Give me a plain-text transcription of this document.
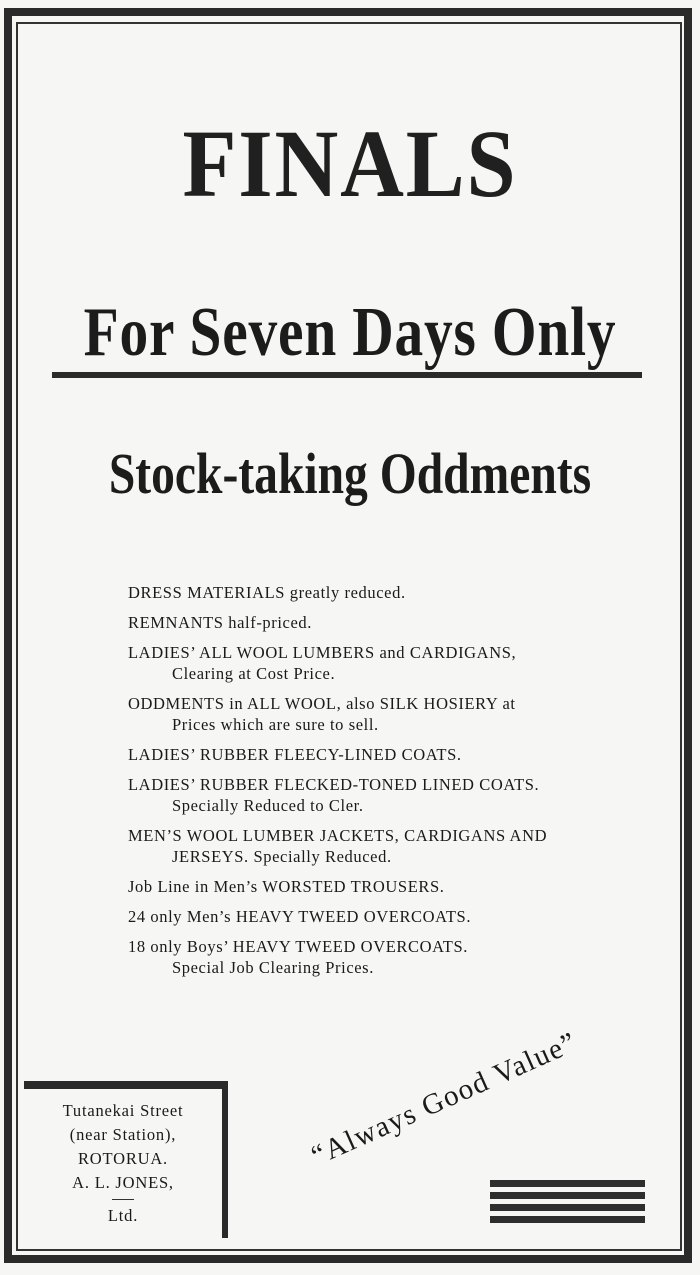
FINALS
For Seven Days Only
Stock-taking Oddments
DRESS MATERIALS greatly reduced.
REMNANTS half-priced.
LADIES’ ALL WOOL LUMBERS and CARDIGANS,
Clearing at Cost Price.
ODDMENTS in ALL WOOL, also SILK HOSIERY at
Prices which are sure to sell.
LADIES’ RUBBER FLEECY-LINED COATS.
LADIES’ RUBBER FLECKED-TONED LINED COATS.
Specially Reduced to Cler.
MEN’S WOOL LUMBER JACKETS, CARDIGANS AND
JERSEYS. Specially Reduced.
Job Line in Men’s WORSTED TROUSERS.
24 only Men’s HEAVY TWEED OVERCOATS.
18 only Boys’ HEAVY TWEED OVERCOATS.
Special Job Clearing Prices.
Tutanekai Street
(near Station),
ROTORUA.
A. L. JONES,
Ltd.
“Always Good Value”
